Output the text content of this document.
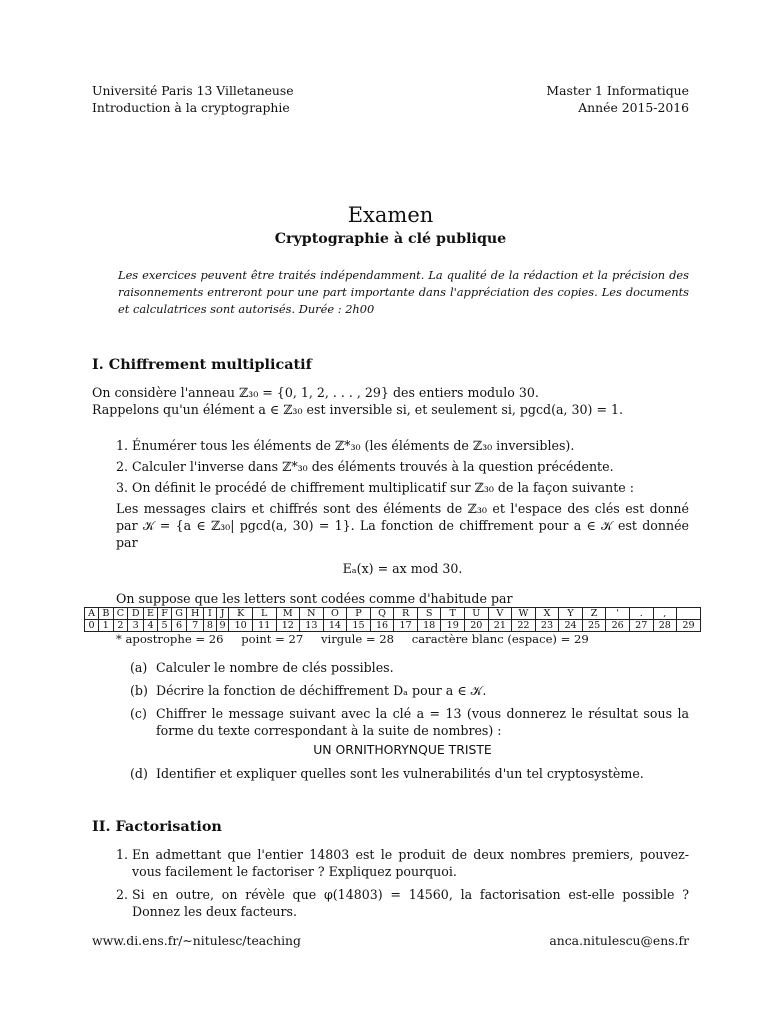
Université Paris 13 Villetaneuse
Introduction à la cryptographie
Master 1 Informatique
Année 2015-2016
Examen
Cryptographie à clé publique
Les exercices peuvent être traités indépendamment. La qualité de la rédaction et la précision des raisonnements entreront pour une part importante dans l'appréciation des copies. Les documents et calculatrices sont autorisés. Durée : 2h00
I. Chiffrement multiplicatif
On considère l'anneau ℤ₃₀ = {0, 1, 2, . . . , 29} des entiers modulo 30.
Rappelons qu'un élément a ∈ ℤ₃₀ est inversible si, et seulement si, pgcd(a, 30) = 1.
1. Énumérer tous les éléments de ℤ*₃₀ (les éléments de ℤ₃₀ inversibles).
2. Calculer l'inverse dans ℤ*₃₀ des éléments trouvés à la question précédente.
3. On définit le procédé de chiffrement multiplicatif sur ℤ₃₀ de la façon suivante :
Les messages clairs et chiffrés sont des éléments de ℤ₃₀ et l'espace des clés est donné par 𝒦 = {a ∈ ℤ₃₀| pgcd(a, 30) = 1}. La fonction de chiffrement pour a ∈ 𝒦 est donnée par
Eₐ(x) = ax mod 30.
On suppose que les letters sont codées comme d'habitude par
A	B	C	D	E	F	G	H	I	J	K	L	M	N	O	P	Q	R	S	T	U	V	W	X	Y	Z	'	.	,	
0	1	2	3	4	5	6	7	8	9	10	11	12	13	14	15	16	17	18	19	20	21	22	23	24	25	26	27	28	29
* apostrophe = 26 point = 27 virgule = 28 caractère blanc (espace) = 29
(a) Calculer le nombre de clés possibles.
(b) Décrire la fonction de déchiffrement Dₐ pour a ∈ 𝒦.
(c) Chiffrer le message suivant avec la clé a = 13 (vous donnerez le résultat sous la forme du texte correspondant à la suite de nombres) :
UN ORNITHORYNQUE TRISTE
(d) Identifier et expliquer quelles sont les vulnerabilités d'un tel cryptosystème.
II. Factorisation
1. En admettant que l'entier 14803 est le produit de deux nombres premiers, pouvez-vous facilement le factoriser ? Expliquez pourquoi.
2. Si en outre, on révèle que φ(14803) = 14560, la factorisation est-elle possible ? Donnez les deux facteurs.
www.di.ens.fr/∼nitulesc/teaching	anca.nitulescu@ens.fr
